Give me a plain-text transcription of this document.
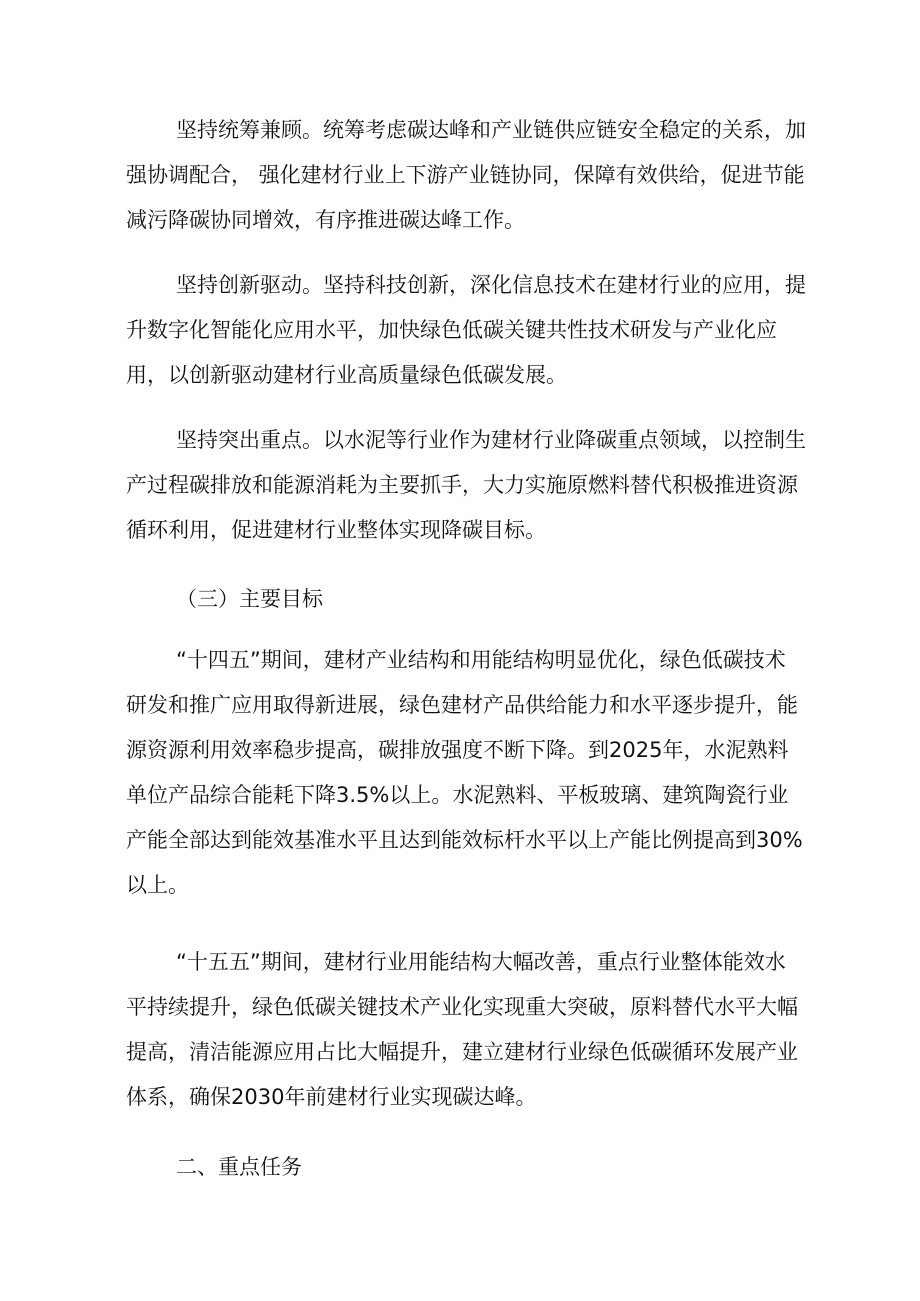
坚持统筹兼顾。统筹考虑碳达峰和产业链供应链安全稳定的关系，加强协调配合， 强化建材行业上下游产业链协同，保障有效供给，促进节能减污降碳协同增效，有序推进碳达峰工作。

坚持创新驱动。坚持科技创新，深化信息技术在建材行业的应用，提升数字化智能化应用水平，加快绿色低碳关键共性技术研发与产业化应用，以创新驱动建材行业高质量绿色低碳发展。

坚持突出重点。以水泥等行业作为建材行业降碳重点领域，以控制生产过程碳排放和能源消耗为主要抓手，大力实施原燃料替代积极推进资源循环利用，促进建材行业整体实现降碳目标。

（三）主要目标

“十四五”期间，建材产业结构和用能结构明显优化，绿色低碳技术研发和推广应用取得新进展，绿色建材产品供给能力和水平逐步提升，能源资源利用效率稳步提高，碳排放强度不断下降。到2025年，水泥熟料单位产品综合能耗下降3.5%以上。水泥熟料、平板玻璃、建筑陶瓷行业产能全部达到能效基准水平且达到能效标杆水平以上产能比例提高到30%以上。

“十五五”期间，建材行业用能结构大幅改善，重点行业整体能效水平持续提升，绿色低碳关键技术产业化实现重大突破，原料替代水平大幅提高，清洁能源应用占比大幅提升，建立建材行业绿色低碳循环发展产业体系，确保2030年前建材行业实现碳达峰。

二、重点任务
